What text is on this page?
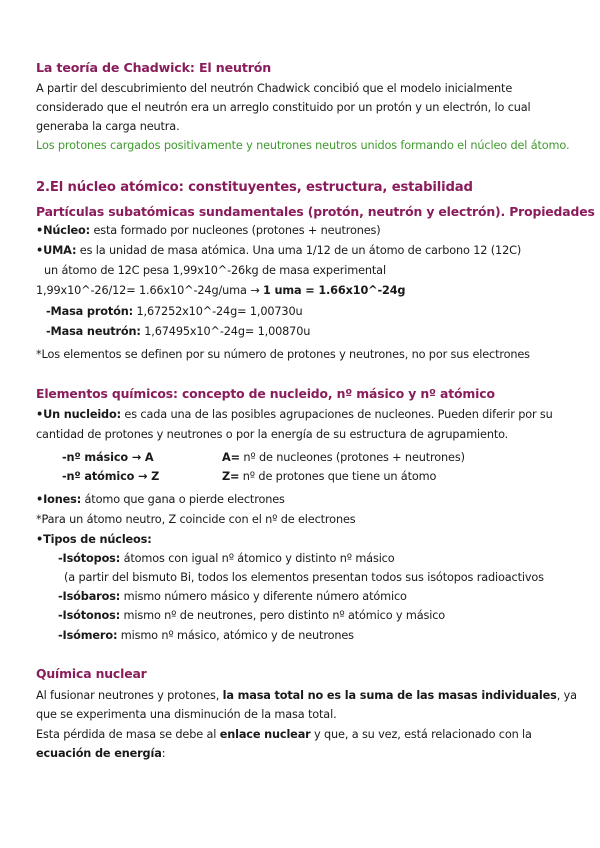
La teoría de Chadwick: El neutrón
A partir del descubrimiento del neutrón Chadwick concibió que el modelo inicialmente
considerado que el neutrón era un arreglo constituido por un protón y un electrón, lo cual
generaba la carga neutra.
Los protones cargados positivamente y neutrones neutros unidos formando el núcleo del átomo.
2.El núcleo atómico: constituyentes, estructura, estabilidad
Partículas subatómicas sundamentales (protón, neutrón y electrón). Propiedades
•Núcleo: esta formado por nucleones (protones + neutrones)
•UMA: es la unidad de masa atómica. Una uma 1/12 de un átomo de carbono 12 (12C)
un átomo de 12C pesa 1,99x10^-26kg de masa experimental
1,99x10^-26/12= 1.66x10^-24g/uma → 1 uma = 1.66x10^-24g
-Masa protón: 1,67252x10^-24g= 1,00730u
-Masa neutrón: 1,67495x10^-24g= 1,00870u
*Los elementos se definen por su número de protones y neutrones, no por sus electrones
Elementos químicos: concepto de nucleido, nº másico y nº atómico
•Un nucleido: es cada una de las posibles agrupaciones de nucleones. Pueden diferir por su
cantidad de protones y neutrones o por la energía de su estructura de agrupamiento.
-nº másico → A	A= nº de nucleones (protones + neutrones)
-nº atómico → Z	Z= nº de protones que tiene un átomo
•Iones: átomo que gana o pierde electrones
*Para un átomo neutro, Z coincide con el nº de electrones
•Tipos de núcleos:
-Isótopos: átomos con igual nº átomico y distinto nº másico
(a partir del bismuto Bi, todos los elementos presentan todos sus isótopos radioactivos
-Isóbaros: mismo número másico y diferente número atómico
-Isótonos: mismo nº de neutrones, pero distinto nº atómico y másico
-Isómero: mismo nº másico, atómico y de neutrones
Química nuclear
Al fusionar neutrones y protones, la masa total no es la suma de las masas individuales, ya
que se experimenta una disminución de la masa total.
Esta pérdida de masa se debe al enlace nuclear y que, a su vez, está relacionado con la
ecuación de energía:
